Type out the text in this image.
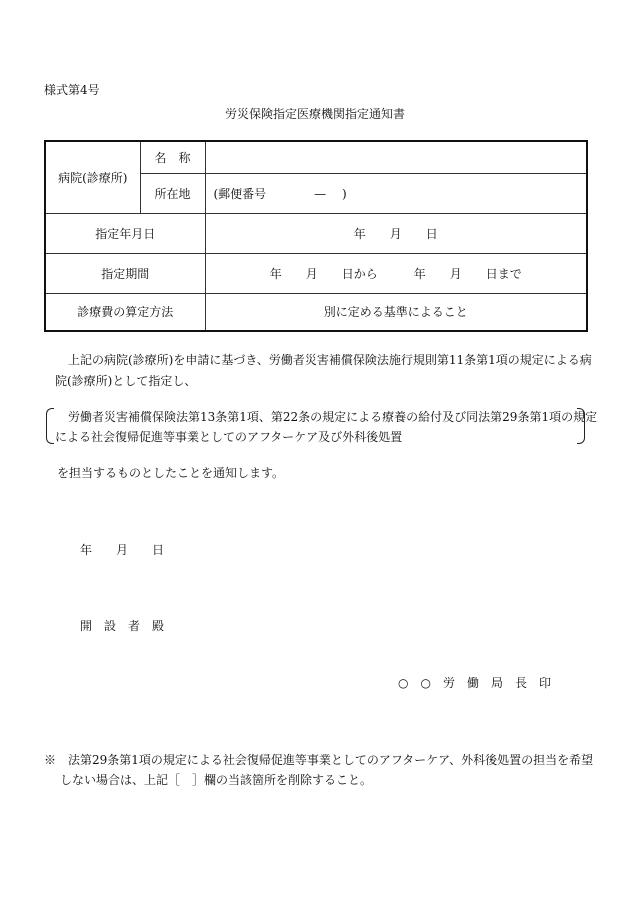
様式第4号
労災保険指定医療機関指定通知書
病院(診療所)	名　称	
	所在地	(郵便番号　　　　—　 )
指定年月日		年　　月　　日
指定期間		年　　月　　日から　　　年　　月　　日まで
診療費の算定方法		別に定める基準によること
上記の病院(診療所)を申請に基づき、労働者災害補償保険法施行規則第11条第1項の規定による病
院(診療所)として指定し、
労働者災害補償保険法第13条第1項、第22条の規定による療養の給付及び同法第29条第1項の規定
による社会復帰促進等事業としてのアフターケア及び外科後処置
を担当するものとしたことを通知します。
年　　月　　日
開　設　者　殿
○　○　労　働　局　長　印
※　法第29条第1項の規定による社会復帰促進等事業としてのアフターケア、外科後処置の担当を希望
しない場合は、上記［　］欄の当該箇所を削除すること。
